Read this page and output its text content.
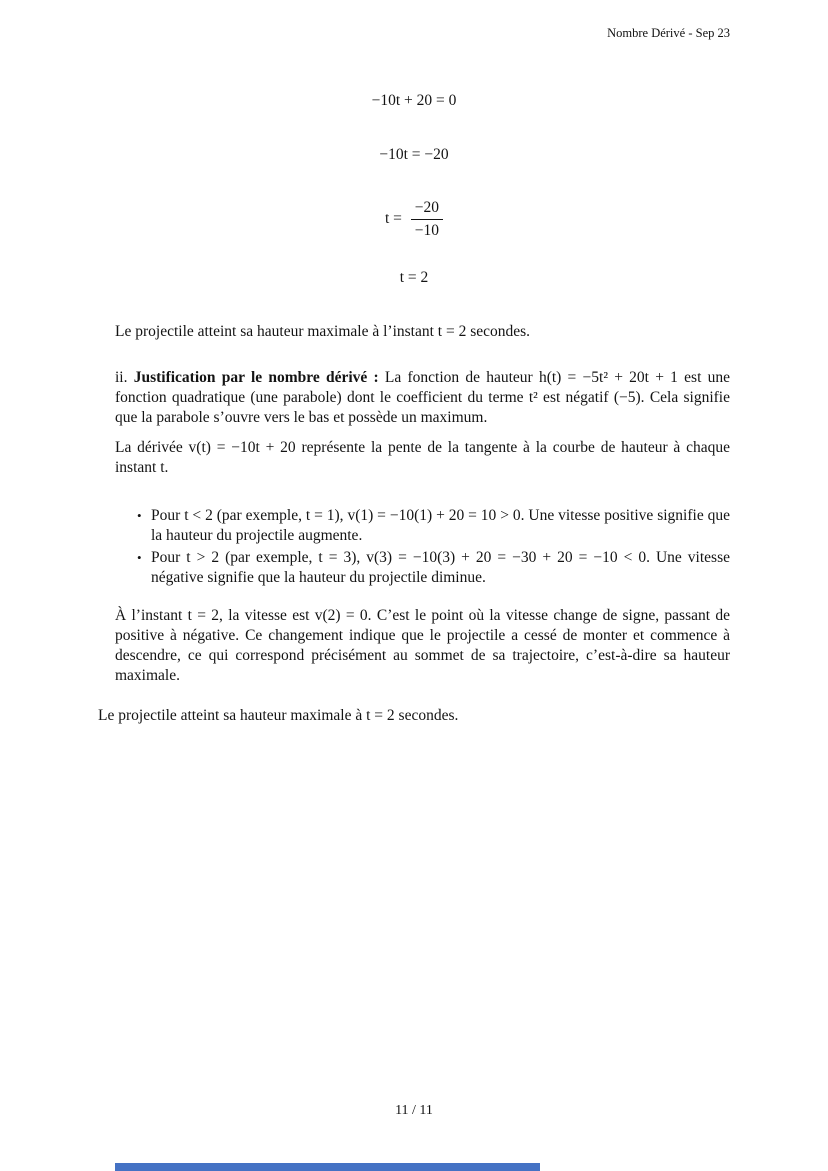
Nombre Dérivé - Sep 23
−10t + 20 = 0
−10t = −20
$t = \frac{-20}{-10}$
t = 2

Le projectile atteint sa hauteur maximale à l’instant t = 2 secondes.

ii. Justification par le nombre dérivé : La fonction de hauteur h(t) = −5t² + 20t + 1 est une fonction quadratique (une parabole) dont le coefficient du terme t² est négatif (−5). Cela signifie que la parabole s’ouvre vers le bas et possède un maximum.

La dérivée v(t) = −10t + 20 représente la pente de la tangente à la courbe de hauteur à chaque instant t.

• Pour t < 2 (par exemple, t = 1), v(1) = −10(1) + 20 = 10 > 0. Une vitesse positive signifie que la hauteur du projectile augmente.
• Pour t > 2 (par exemple, t = 3), v(3) = −10(3) + 20 = −30 + 20 = −10 < 0. Une vitesse négative signifie que la hauteur du projectile diminue.

À l’instant t = 2, la vitesse est v(2) = 0. C’est le point où la vitesse change de signe, passant de positive à négative. Ce changement indique que le projectile a cessé de monter et commence à descendre, ce qui correspond précisément au sommet de sa trajectoire, c’est-à-dire sa hauteur maximale.

Le projectile atteint sa hauteur maximale à t = 2 secondes.

11 / 11
